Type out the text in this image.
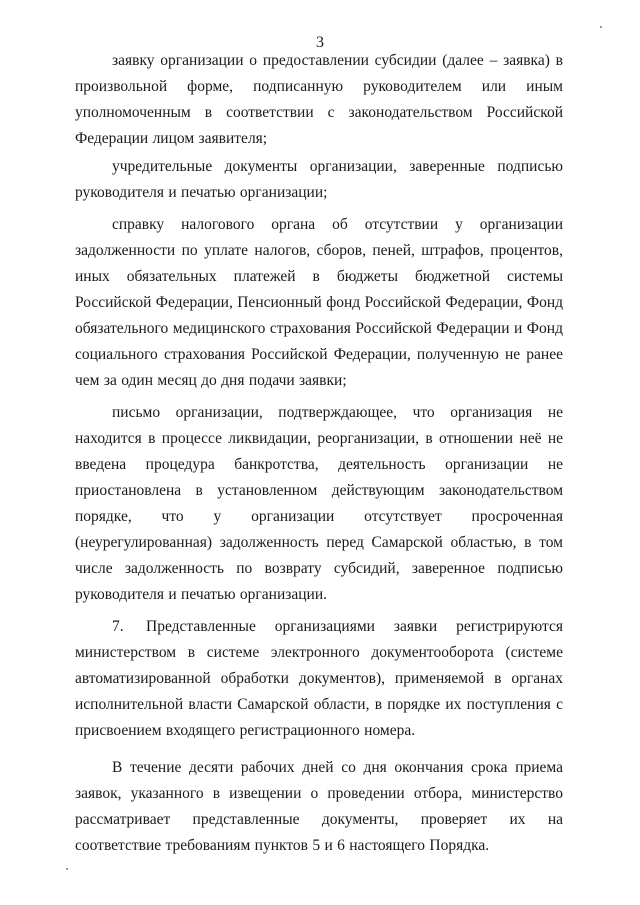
3

заявку организации о предоставлении субсидии (далее – заявка) в произвольной форме, подписанную руководителем или иным уполномоченным в соответствии с законодательством Российской Федерации лицом заявителя;

учредительные документы организации, заверенные подписью руководителя и печатью организации;

справку налогового органа об отсутствии у организации задолженности по уплате налогов, сборов, пеней, штрафов, процентов, иных обязательных платежей в бюджеты бюджетной системы Российской Федерации, Пенсионный фонд Российской Федерации, Фонд обязательного медицинского страхования Российской Федерации и Фонд социального страхования Российской Федерации, полученную не ранее чем за один месяц до дня подачи заявки;

письмо организации, подтверждающее, что организация не находится в процессе ликвидации, реорганизации, в отношении неё не введена процедура банкротства, деятельность организации не приостановлена в установленном действующим законодательством порядке, что у организации отсутствует просроченная (неурегулированная) задолженность перед Самарской областью, в том числе задолженность по возврату субсидий, заверенное подписью руководителя и печатью организации.

7. Представленные организациями заявки регистрируются министерством в системе электронного документооборота (системе автоматизированной обработки документов), применяемой в органах исполнительной власти Самарской области, в порядке их поступления с присвоением входящего регистрационного номера.

В течение десяти рабочих дней со дня окончания срока приема заявок, указанного в извещении о проведении отбора, министерство рассматривает представленные документы, проверяет их на соответствие требованиям пунктов 5 и 6 настоящего Порядка.
